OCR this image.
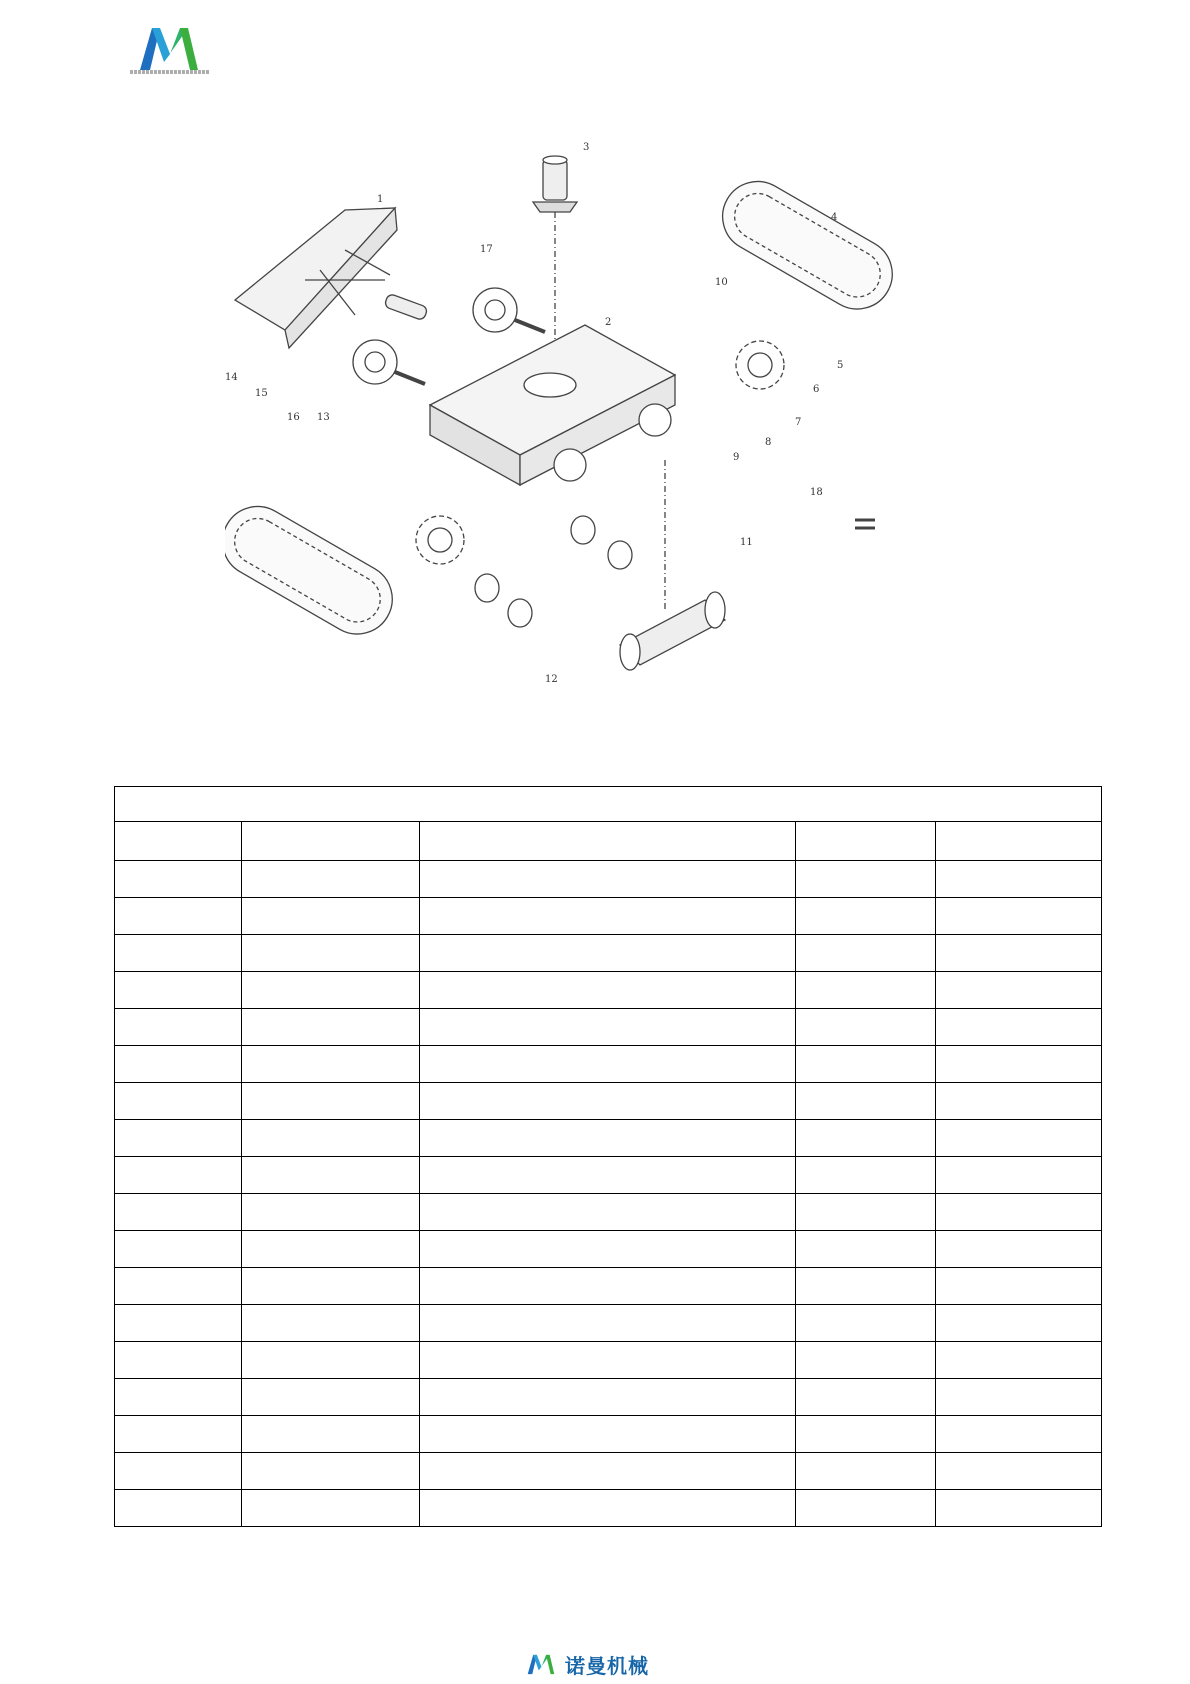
1
2
3
4
5
6
7
8
9
10
11
12
13
14
15
16
17
18

诺曼机械
